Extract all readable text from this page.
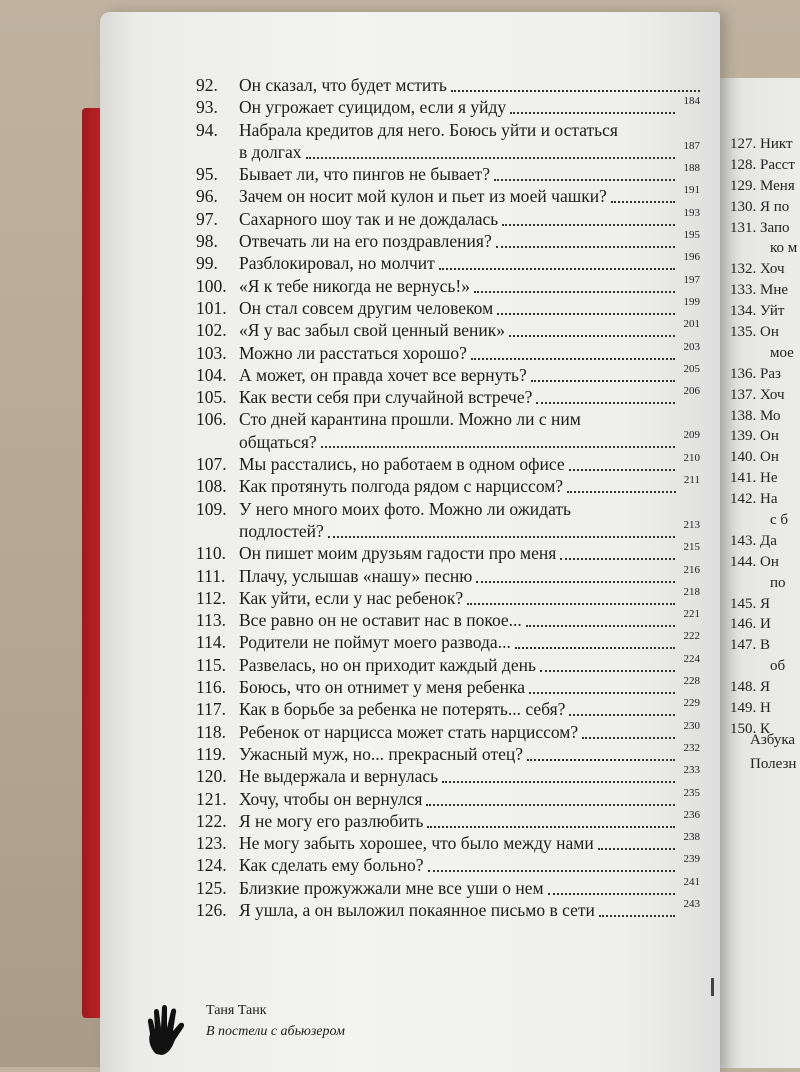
92. Он сказал, что будет мстить
93. Он угрожает суицидом, если я уйду	184
94. Набрала кредитов для него. Боюсь уйти и остаться
в долгах	187
95. Бывает ли, что пингов не бывает?	188
96. Зачем он носит мой кулон и пьет из моей чашки?	191
97. Сахарного шоу так и не дождалась	193
98. Отвечать ли на его поздравления?	195
99. Разблокировал, но молчит	196
100. «Я к тебе никогда не вернусь!»	197
101. Он стал совсем другим человеком	199
102. «Я у вас забыл свой ценный веник»	201
103. Можно ли расстаться хорошо?	203
104. А может, он правда хочет все вернуть?	205
105. Как вести себя при случайной встрече?	206
106. Сто дней карантина прошли. Можно ли с ним
общаться?	209
107. Мы расстались, но работаем в одном офисе	210
108. Как протянуть полгода рядом с нарциссом?	211
109. У него много моих фото. Можно ли ожидать
подлостей?	213
110. Он пишет моим друзьям гадости про меня	215
111. Плачу, услышав «нашу» песню	216
112. Как уйти, если у нас ребенок?	218
113. Все равно он не оставит нас в покое...	221
114. Родители не поймут моего развода...	222
115. Развелась, но он приходит каждый день	224
116. Боюсь, что он отнимет у меня ребенка	228
117. Как в борьбе за ребенка не потерять... себя?	229
118. Ребенок от нарцисса может стать нарциссом?	230
119. Ужасный муж, но... прекрасный отец?	232
120. Не выдержала и вернулась	233
121. Хочу, чтобы он вернулся	235
122. Я не могу его разлюбить	236
123. Не могу забыть хорошее, что было между нами	238
124. Как сделать ему больно?	239
125. Близкие прожужжали мне все уши о нем	241
126. Я ушла, а он выложил покаянное письмо в сети	243
127. Никт
128. Расст
129. Меня
130. Я по
131. Запо
ко м
132. Хоч
133. Мне
134. Уйт
135. Он
мое
136. Раз
137. Хоч
138. Мо
139. Он
140. Он
141. Не
142. На
с б
143. Да
144. Он
по
145. Я
146. И
147. В
об
148. Я
149. Н
150. К
Азбука
Полезн
Таня Танк
В постели с абьюзером
